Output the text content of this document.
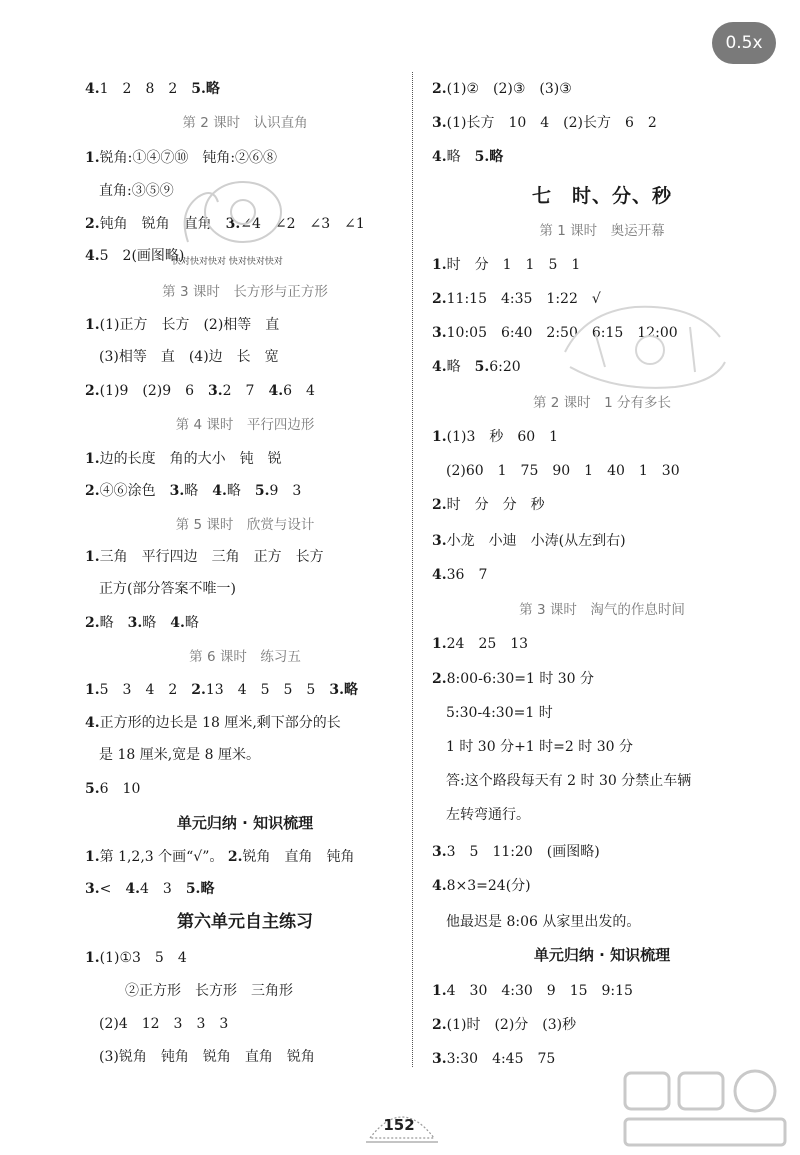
0.5x
4.1　2　8　2　5.略
第 2 课时　认识直角
1.锐角:①④⑦⑩　钝角:②⑥⑧
直角:③⑤⑨
2.钝角　锐角　直角　3.∠4　∠2　∠3　∠1
4.5　2(画图略)
第 3 课时　长方形与正方形
1.(1)正方　长方　(2)相等　直
(3)相等　直　(4)边　长　宽
2.(1)9　(2)9　6　3.2　7　4.6　4
第 4 课时　平行四边形
1.边的长度　角的大小　钝　锐
2.④⑥涂色　3.略　4.略　5.9　3
第 5 课时　欣赏与设计
1.三角　平行四边　三角　正方　长方
正方(部分答案不唯一)
2.略　3.略　4.略
第 6 课时　练习五
1.5　3　4　2　2.13　4　5　5　5　3.略
4.正方形的边长是 18 厘米,剩下部分的长
是 18 厘米,宽是 8 厘米。
5.6　10
单元归纳 · 知识梳理
1.第 1,2,3 个画“√”。 2.锐角　直角　钝角
3.<　4.4　3　5.略
第六单元自主练习
1.(1)①3　5　4
②正方形　长方形　三角形
(2)4　12　3　3　3
(3)锐角　钝角　锐角　直角　锐角
2.(1)②　(2)③　(3)③
3.(1)长方　10　4　(2)长方　6　2
4.略　5.略
七　时、分、秒
第 1 课时　奥运开幕
1.时　分　1　1　5　1
2.11:15　4:35　1:22　√
3.10:05　6:40　2:50　6:15　12:00
4.略　5.6:20
第 2 课时　1 分有多长
1.(1)3　秒　60　1
(2)60　1　75　90　1　40　1　30
2.时　分　分　秒
3.小龙　小迪　小涛(从左到右)
4.36　7
第 3 课时　淘气的作息时间
1.24　25　13
2.8:00-6:30=1 时 30 分
5:30-4:30=1 时
1 时 30 分+1 时=2 时 30 分
答:这个路段每天有 2 时 30 分禁止车辆
左转弯通行。
3.3　5　11:20　(画图略)
4.8×3=24(分)
他最迟是 8:06 从家里出发的。
单元归纳 · 知识梳理
1.4　30　4:30　9　15　9:15
2.(1)时　(2)分　(3)秒
3.3:30　4:45　75
快对快对快对 快对快对快对
152
